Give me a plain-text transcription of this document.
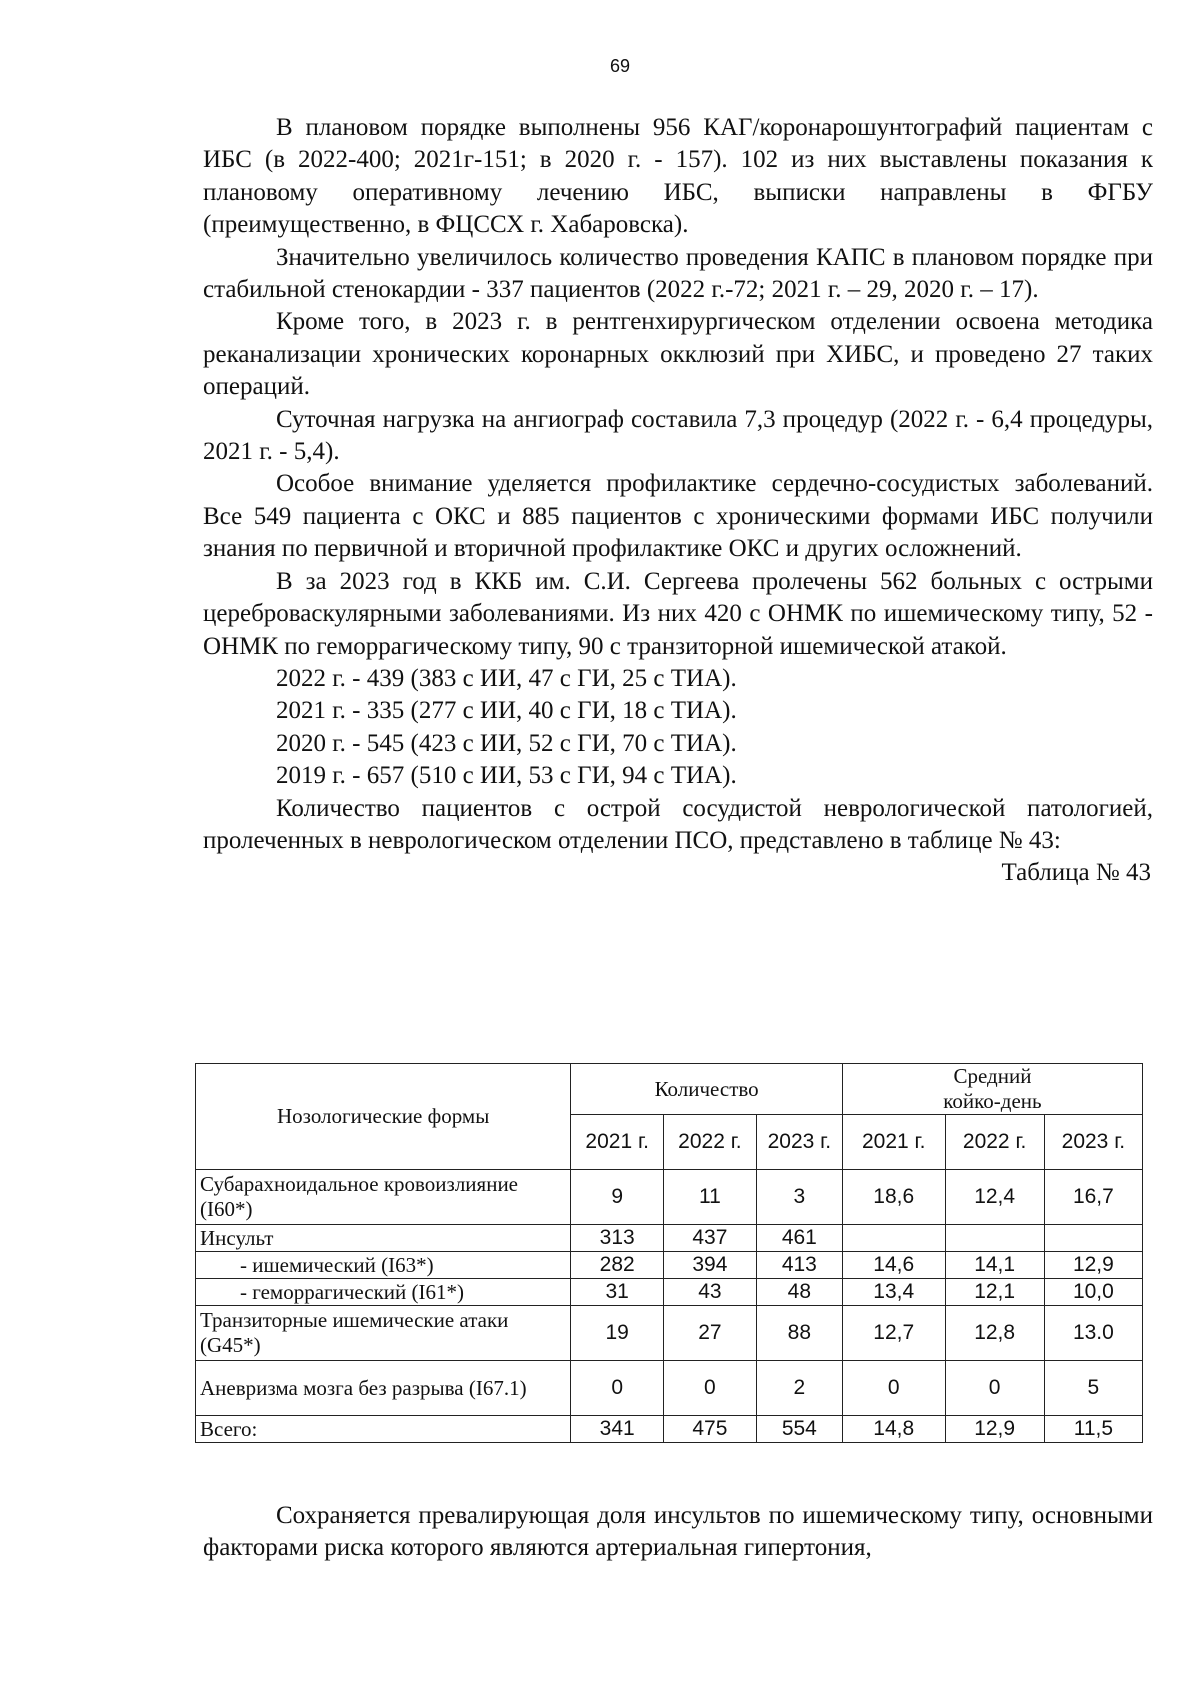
69

В плановом порядке выполнены 956 КАГ/коронарошунтографий пациентам с ИБС (в 2022-400; 2021г-151; в 2020 г. - 157). 102 из них выставлены показания к плановому оперативному лечению ИБС, выписки направлены в ФГБУ (преимущественно, в ФЦССХ г. Хабаровска).

Значительно увеличилось количество проведения КАПС в плановом порядке при стабильной стенокардии - 337 пациентов (2022 г.-72; 2021 г. – 29, 2020 г. – 17).

Кроме того, в 2023 г. в рентгенхирургическом отделении освоена методика реканализации хронических коронарных окклюзий при ХИБС, и проведено 27 таких операций.

Суточная нагрузка на ангиограф составила 7,3 процедур (2022 г. - 6,4 процедуры, 2021 г. - 5,4).

Особое внимание уделяется профилактике сердечно-сосудистых заболеваний. Все 549 пациента с ОКС и 885 пациентов с хроническими формами ИБС получили знания по первичной и вторичной профилактике ОКС и других осложнений.

В за 2023 год в ККБ им. С.И. Сергеева пролечены 562 больных с острыми цереброваскулярными заболеваниями. Из них 420 с ОНМК по ишемическому типу, 52 - ОНМК по геморрагическому типу, 90 с транзиторной ишемической атакой.

2022 г. - 439 (383 с ИИ, 47 с ГИ, 25 с ТИА).

2021 г. - 335 (277 с ИИ, 40 с ГИ, 18 с ТИА).

2020 г. - 545 (423 с ИИ, 52 с ГИ, 70 с ТИА).

2019 г. - 657 (510 с ИИ, 53 с ГИ, 94 с ТИА).

Количество пациентов с острой сосудистой неврологической патологией, пролеченных в неврологическом отделении ПСО, представлено в таблице № 43:

Таблица № 43

Нозологические формы	Количество			Средний койко-день		
	2021 г.	2022 г.	2023 г.	2021 г.	2022 г.	2023 г.
Субарахноидальное кровоизлияние (I60*)	9	11	3	18,6	12,4	16,7
Инсульт	313	437	461			
- ишемический (I63*)	282	394	413	14,6	14,1	12,9
- геморрагический (I61*)	31	43	48	13,4	12,1	10,0
Транзиторные ишемические атаки (G45*)	19	27	88	12,7	12,8	13.0
Аневризма мозга без разрыва (I67.1)	0	0	2	0	0	5
Всего:	341	475	554	14,8	12,9	11,5

Сохраняется превалирующая доля инсультов по ишемическому типу, основными факторами риска которого являются артериальная гипертония,
